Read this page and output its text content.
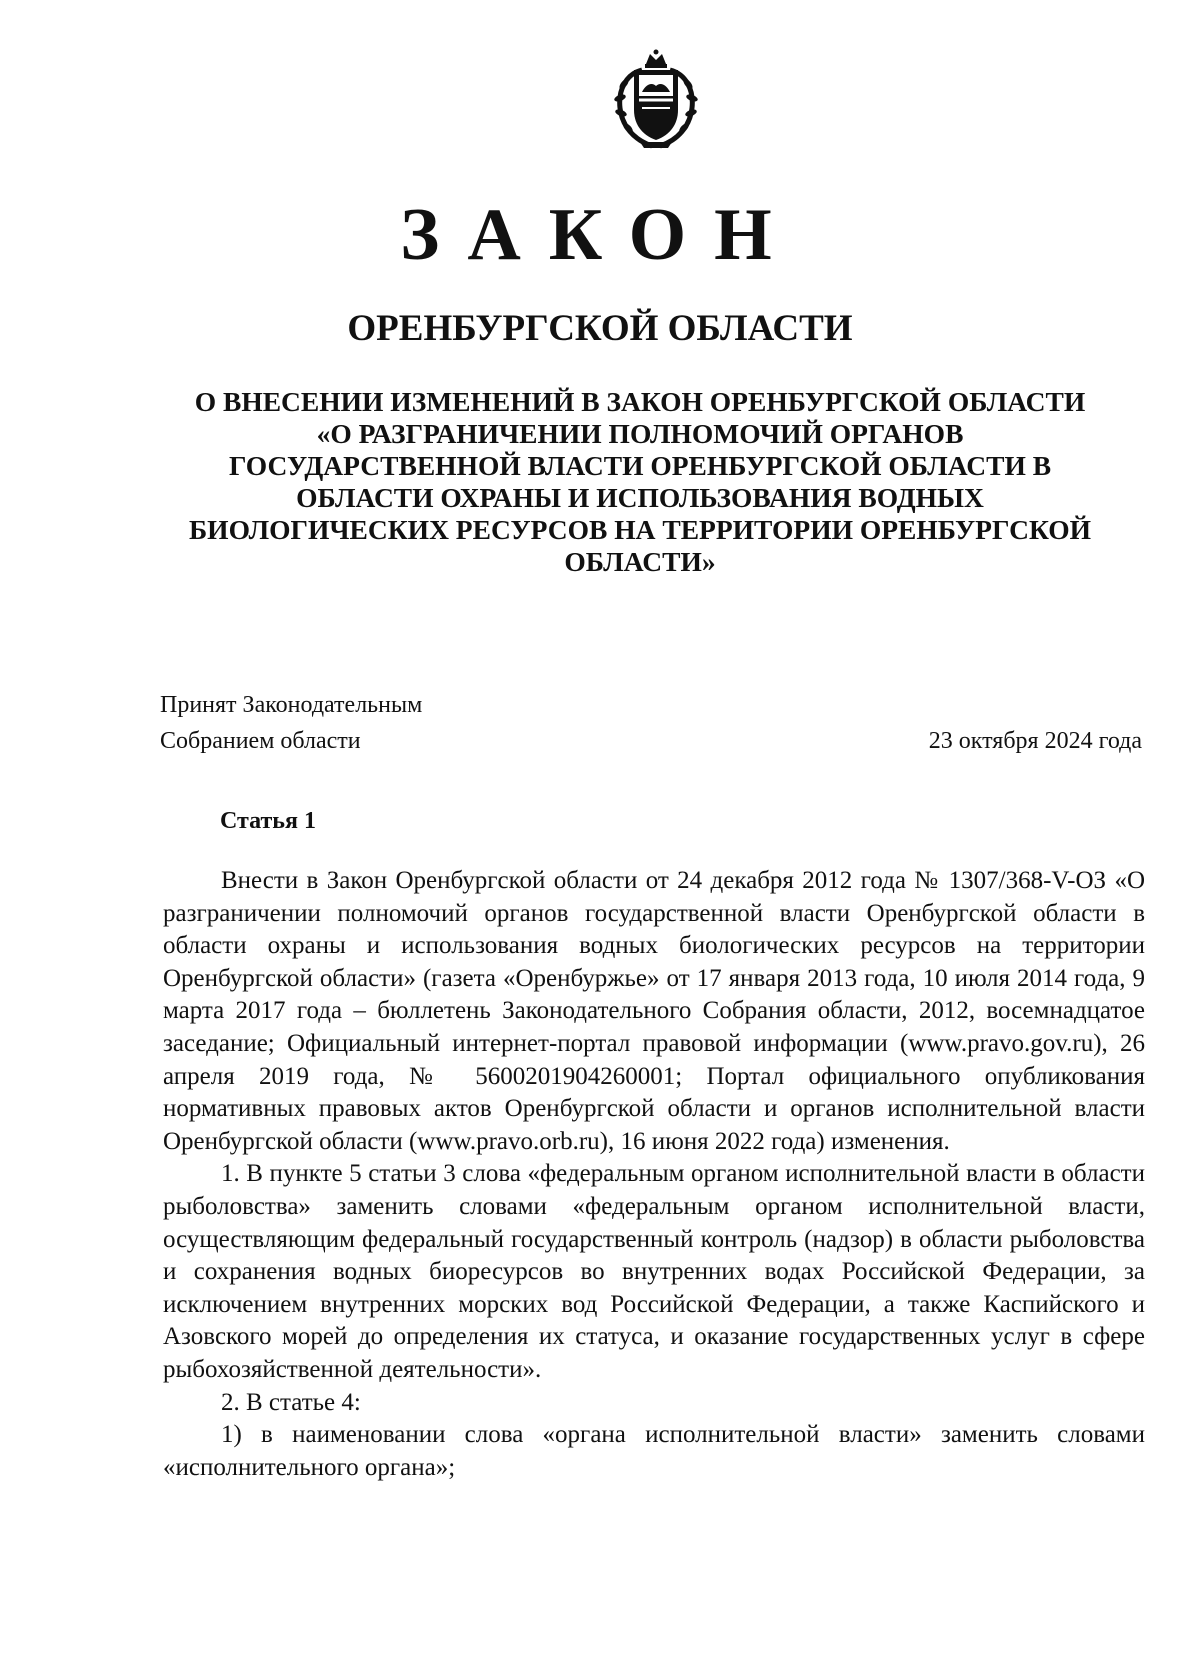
ЗАКОН
ОРЕНБУРГСКОЙ ОБЛАСТИ
О ВНЕСЕНИИ ИЗМЕНЕНИЙ В ЗАКОН ОРЕНБУРГСКОЙ ОБЛАСТИ «О РАЗГРАНИЧЕНИИ ПОЛНОМОЧИЙ ОРГАНОВ ГОСУДАРСТВЕННОЙ ВЛАСТИ ОРЕНБУРГСКОЙ ОБЛАСТИ В ОБЛАСТИ ОХРАНЫ И ИСПОЛЬЗОВАНИЯ ВОДНЫХ БИОЛОГИЧЕСКИХ РЕСУРСОВ НА ТЕРРИТОРИИ ОРЕНБУРГСКОЙ ОБЛАСТИ»
Принят Законодательным
Собранием области	23 октября 2024 года
Статья 1

Внести в Закон Оренбургской области от 24 декабря 2012 года № 1307/368-V-ОЗ «О разграничении полномочий органов государственной власти Оренбургской области в области охраны и использования водных биологических ресурсов на территории Оренбургской области» (газета «Оренбуржье» от 17 января 2013 года, 10 июля 2014 года, 9 марта 2017 года – бюллетень Законодательного Собрания области, 2012, восемнадцатое заседание; Официальный интернет-портал правовой информации (www.pravo.gov.ru), 26 апреля 2019 года, № 5600201904260001; Портал официального опубликования нормативных правовых актов Оренбургской области и органов исполнительной власти Оренбургской области (www.pravo.orb.ru), 16 июня 2022 года) изменения.

1. В пункте 5 статьи 3 слова «федеральным органом исполнительной власти в области рыболовства» заменить словами «федеральным органом исполнительной власти, осуществляющим федеральный государственный контроль (надзор) в области рыболовства и сохранения водных биоресурсов во внутренних водах Российской Федерации, за исключением внутренних морских вод Российской Федерации, а также Каспийского и Азовского морей до определения их статуса, и оказание государственных услуг в сфере рыбохозяйственной деятельности».

2. В статье 4:

1) в наименовании слова «органа исполнительной власти» заменить словами «исполнительного органа»;
